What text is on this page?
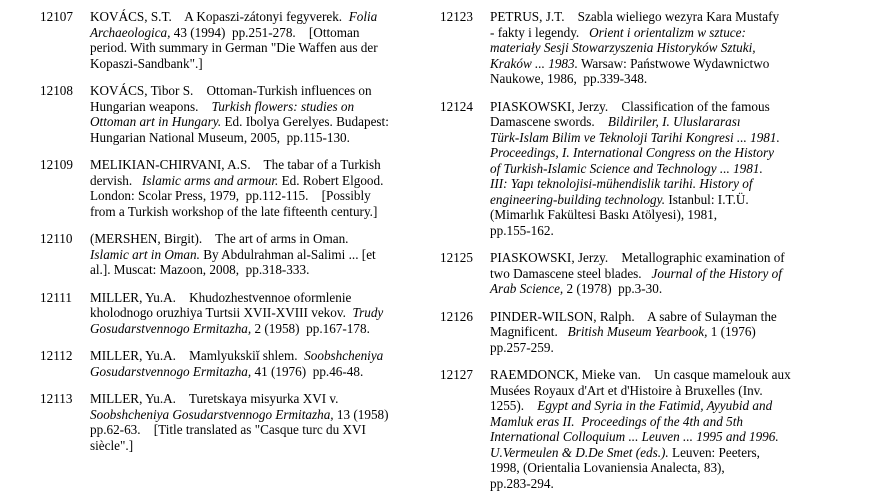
12107	KOVÁCS, S.T.    A Kopaszi-zátonyi fegyverek.  Folia
Archaeologica, 43 (1994)  pp.251-278.    [Ottoman
period. With summary in German "Die Waffen aus der
Kopaszi-Sandbank".]
12108	KOVÁCS, Tibor S.    Ottoman-Turkish influences on
Hungarian weapons.    Turkish flowers: studies on
Ottoman art in Hungary. Ed. Ibolya Gerelyes. Budapest:
Hungarian National Museum, 2005,  pp.115-130.
12109	MELIKIAN-CHIRVANI, A.S.    The tabar of a Turkish
dervish.   Islamic arms and armour. Ed. Robert Elgood.
London: Scolar Press, 1979,  pp.112-115.    [Possibly
from a Turkish workshop of the late fifteenth century.]
12110	(MERSHEN, Birgit).    The art of arms in Oman.
Islamic art in Oman. By Abdulrahman al-Salimi ... [et
al.]. Muscat: Mazoon, 2008,  pp.318-333.
12111	MILLER, Yu.A.    Khudozhestvennoe oformlenie
kholodnogo oruzhiya Turtsii XVII-XVIII vekov.  Trudy
Gosudarstvennogo Ermitazha, 2 (1958)  pp.167-178.
12112	MILLER, Yu.A.    Mamlyukskiĭ shlem.  Soobshcheniya
Gosudarstvennogo Ermitazha, 41 (1976)  pp.46-48.
12113	MILLER, Yu.A.    Turetskaya misyurka XVI v.
Soobshcheniya Gosudarstvennogo Ermitazha, 13 (1958)
pp.62-63.    [Title translated as "Casque turc du XVI
siècle".]
12123	PETRUS, J.T.    Szabla wieliego wezyra Kara Mustafy
- fakty i legendy.   Orient i orientalizm w sztuce:
materiały Sesji Stowarzyszenia Historyków Sztuki,
Kraków ... 1983. Warsaw: Państwowe Wydawnictwo
Naukowe, 1986,  pp.339-348.
12124	PIASKOWSKI, Jerzy.    Classification of the famous
Damascene swords.    Bildiriler, I. Uluslararası
Türk-Islam Bilim ve Teknoloji Tarihi Kongresi ... 1981.
Proceedings, I. International Congress on the History
of Turkish-Islamic Science and Technology ... 1981.
III: Yapı teknolojisi-mühendislik tarihi. History of
engineering-building technology. Istanbul: I.T.Ü.
(Mimarlık Fakültesi Baskı Atölyesi), 1981,
pp.155-162.
12125	PIASKOWSKI, Jerzy.    Metallographic examination of
two Damascene steel blades.   Journal of the History of
Arab Science, 2 (1978)  pp.3-30.
12126	PINDER-WILSON, Ralph.    A sabre of Sulayman the
Magnificent.   British Museum Yearbook, 1 (1976)
pp.257-259.
12127	RAEMDONCK, Mieke van.    Un casque mamelouk aux
Musées Royaux d'Art et d'Histoire à Bruxelles (Inv.
1255).    Egypt and Syria in the Fatimid, Ayyubid and
Mamluk eras II. Proceedings of the 4th and 5th
International Colloquium ... Leuven ... 1995 and 1996.
U.Vermeulen & D.De Smet (eds.). Leuven: Peeters,
1998, (Orientalia Lovaniensia Analecta, 83),
pp.283-294.
